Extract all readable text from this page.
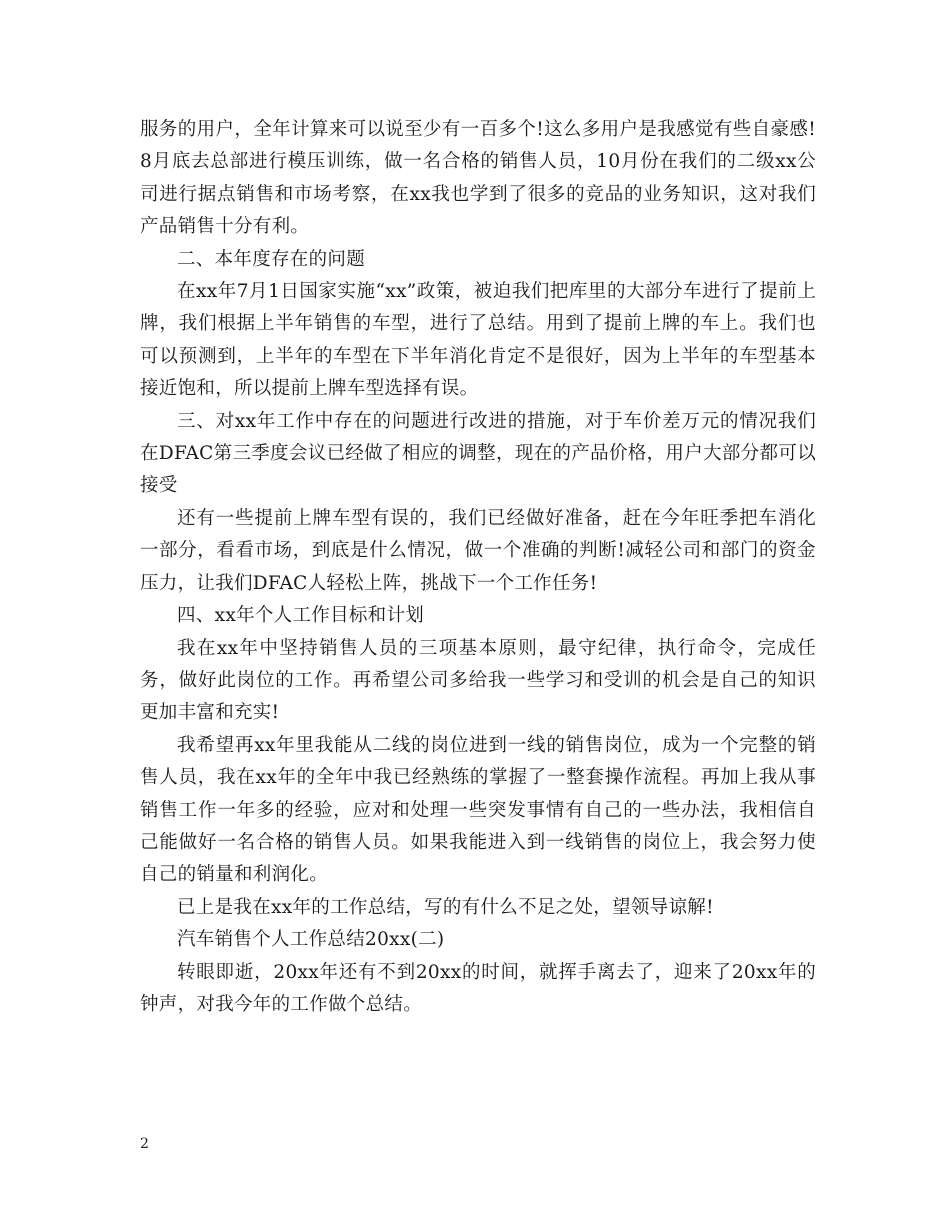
服务的用户，全年计算来可以说至少有一百多个!这么多用户是我感觉有些自豪感!8月底去总部进行模压训练，做一名合格的销售人员，10月份在我们的二级xx公司进行据点销售和市场考察，在xx我也学到了很多的竞品的业务知识，这对我们产品销售十分有利。

二、本年度存在的问题

在xx年7月1日国家实施“xx”政策，被迫我们把库里的大部分车进行了提前上牌，我们根据上半年销售的车型，进行了总结。用到了提前上牌的车上。我们也可以预测到，上半年的车型在下半年消化肯定不是很好，因为上半年的车型基本接近饱和，所以提前上牌车型选择有误。

三、对xx年工作中存在的问题进行改进的措施，对于车价差万元的情况我们在DFAC第三季度会议已经做了相应的调整，现在的产品价格，用户大部分都可以接受

还有一些提前上牌车型有误的，我们已经做好准备，赶在今年旺季把车消化一部分，看看市场，到底是什么情况，做一个准确的判断!减轻公司和部门的资金压力，让我们DFAC人轻松上阵，挑战下一个工作任务!

四、xx年个人工作目标和计划

我在xx年中坚持销售人员的三项基本原则，最守纪律，执行命令，完成任务，做好此岗位的工作。再希望公司多给我一些学习和受训的机会是自己的知识更加丰富和充实!

我希望再xx年里我能从二线的岗位进到一线的销售岗位，成为一个完整的销售人员，我在xx年的全年中我已经熟练的掌握了一整套操作流程。再加上我从事销售工作一年多的经验，应对和处理一些突发事情有自己的一些办法，我相信自己能做好一名合格的销售人员。如果我能进入到一线销售的岗位上，我会努力使自己的销量和利润化。

已上是我在xx年的工作总结，写的有什么不足之处，望领导谅解!

汽车销售个人工作总结20xx(二)

转眼即逝，20xx年还有不到20xx的时间，就挥手离去了，迎来了20xx年的钟声，对我今年的工作做个总结。

2
